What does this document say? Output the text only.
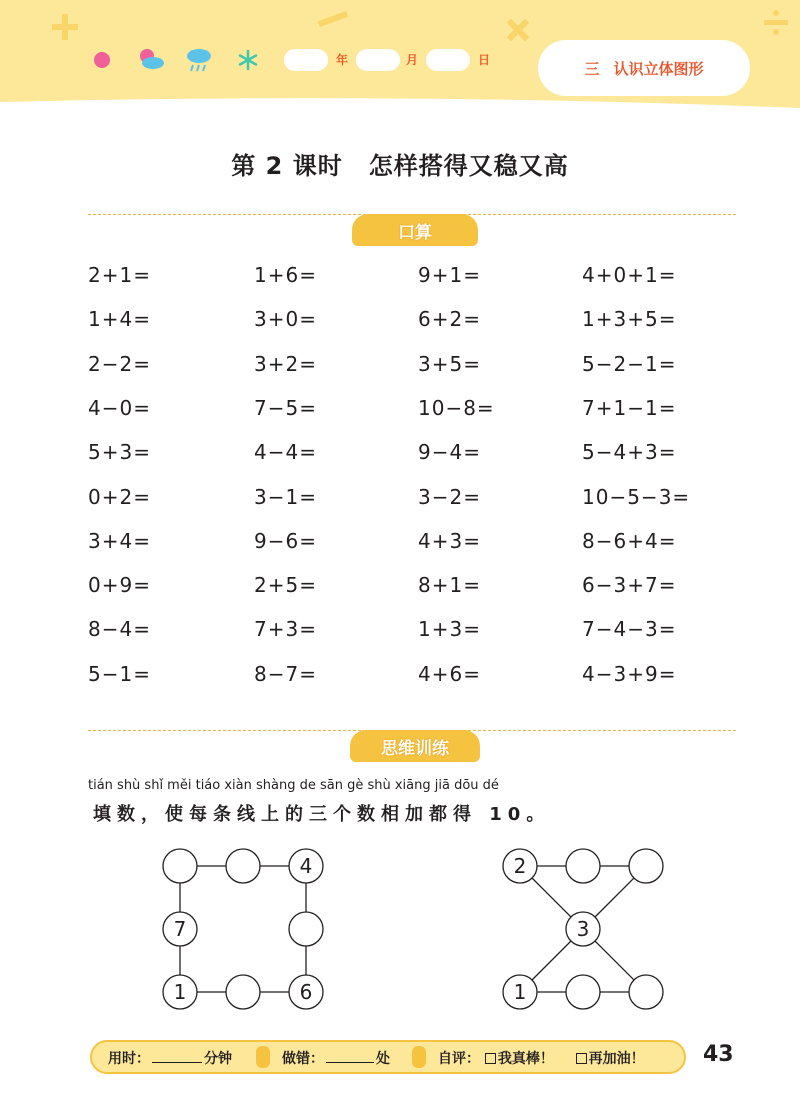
年	月	日	三 认识立体图形
第 2 课时 怎样搭得又稳又高
口算
2+1=	1+6=	9+1=	4+0+1=
1+4=	3+0=	6+2=	1+3+5=
2−2=	3+2=	3+5=	5−2−1=
4−0=	7−5=	10−8=	7+1−1=
5+3=	4−4=	9−4=	5−4+3=
0+2=	3−1=	3−2=	10−5−3=
3+4=	9−6=	4+3=	8−6+4=
0+9=	2+5=	8+1=	6−3+7=
8−4=	7+3=	1+3=	7−4−3=
5−1=	8−7=	4+6=	4−3+9=
思维训练
tián shù shǐ měi tiáo xiàn shàng de sān gè shù xiāng jiā dōu dé
填数，使每条线上的三个数相加都得 10。
4
7
1	6
2
3
1
用时：	分钟	做错：	处	自评： 我真棒！ 再加油！	43
